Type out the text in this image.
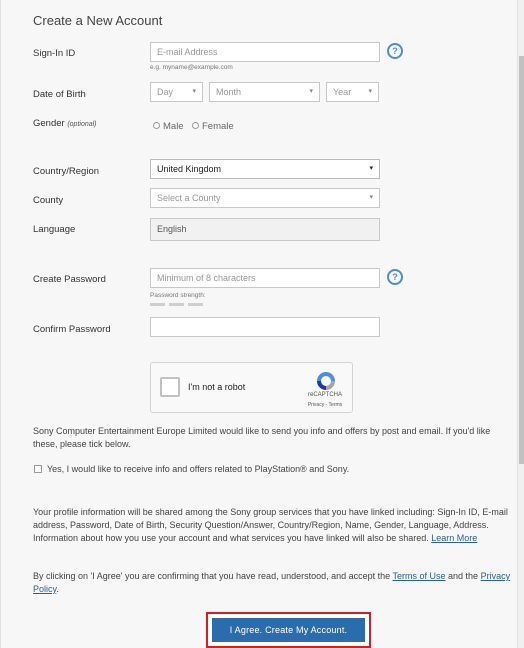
Create a New Account
Sign-In ID	E-mail Address	?
e.g. myname@example.com
Date of Birth	Day	▾	Month	▾	Year ▾
Gender (optional)	Male Female
Country/Region	United Kingdom	▾
County	Select a County	▾
Language	English
Create Password	Minimum of 8 characters	?
Password strength:
Confirm Password
I'm not a robot
reCAPTCHA
Privacy - Terms
Sony Computer Entertainment Europe Limited would like to send you info and offers by post and email. If you'd like
these, please tick below.
Yes, I would like to receive info and offers related to PlayStation® and Sony.
Your profile information will be shared among the Sony group services that you have linked including: Sign-In ID, E-mail
address, Password, Date of Birth, Security Question/Answer, Country/Region, Name, Gender, Language, Address.
Information about how you use your account and what services you have linked will also be shared. Learn More
By clicking on 'I Agree' you are confirming that you have read, understood, and accept the Terms of Use and the Privacy
Policy.
I Agree. Create My Account.
